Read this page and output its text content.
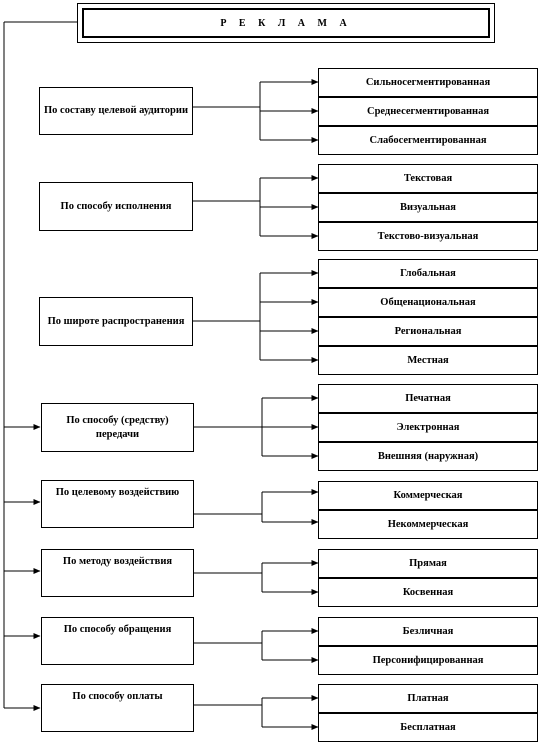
Р Е К Л А М А
По составу целевой аудитории
По способу исполнения
По широте распространения
По способу (средству) передачи
По целевому воздействию
По методу воздействия
По способу обращения
По способу оплаты
Сильносегментированная
Среднесегментированная
Слабосегментированная
Текстовая
Визуальная
Текстово-визуальная
Глобальная
Общенациональная
Региональная
Местная
Печатная
Электронная
Внешняя (наружная)
Коммерческая
Некоммерческая
Прямая
Косвенная
Безличная
Персонифицированная
Платная
Бесплатная
